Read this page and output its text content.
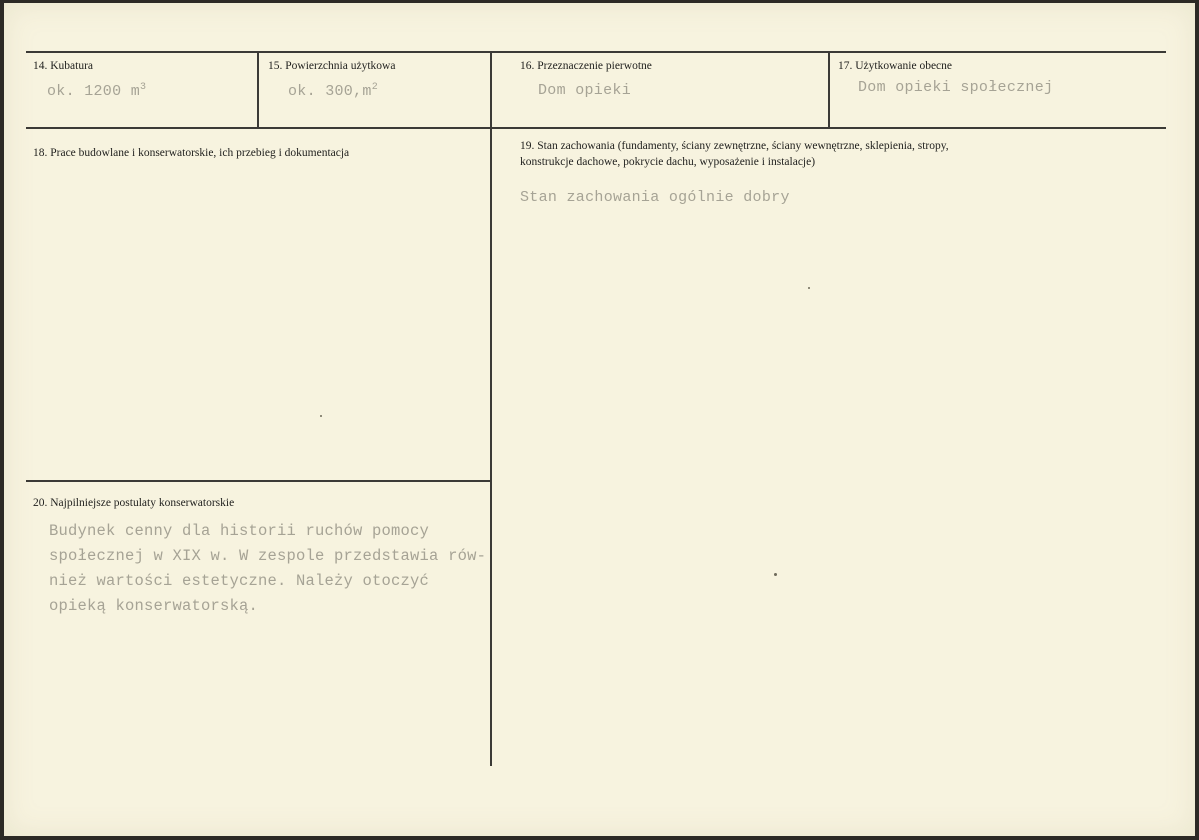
14. Kubatura
ok. 1200 $m^3$
15. Powierzchnia użytkowa
ok. $300,m^2$
16. Przeznaczenie pierwotne
Dom opieki
17. Użytkowanie obecne
Dom opieki społecznej
18. Prace budowlane i konserwatorskie, ich przebieg i dokumentacja
19. Stan zachowania (fundamenty, ściany zewnętrzne, ściany wewnętrzne, sklepienia, stropy,
konstrukcje dachowe, pokrycie dachu, wyposażenie i instalacje)
Stan zachowania ogólnie dobry
20. Najpilniejsze postulaty konserwatorskie
Budynek cenny dla historii ruchów pomocy
społecznej w XIX w. W zespole przedstawia rów-
nież wartości estetyczne. Należy otoczyć
opieką konserwatorską.
